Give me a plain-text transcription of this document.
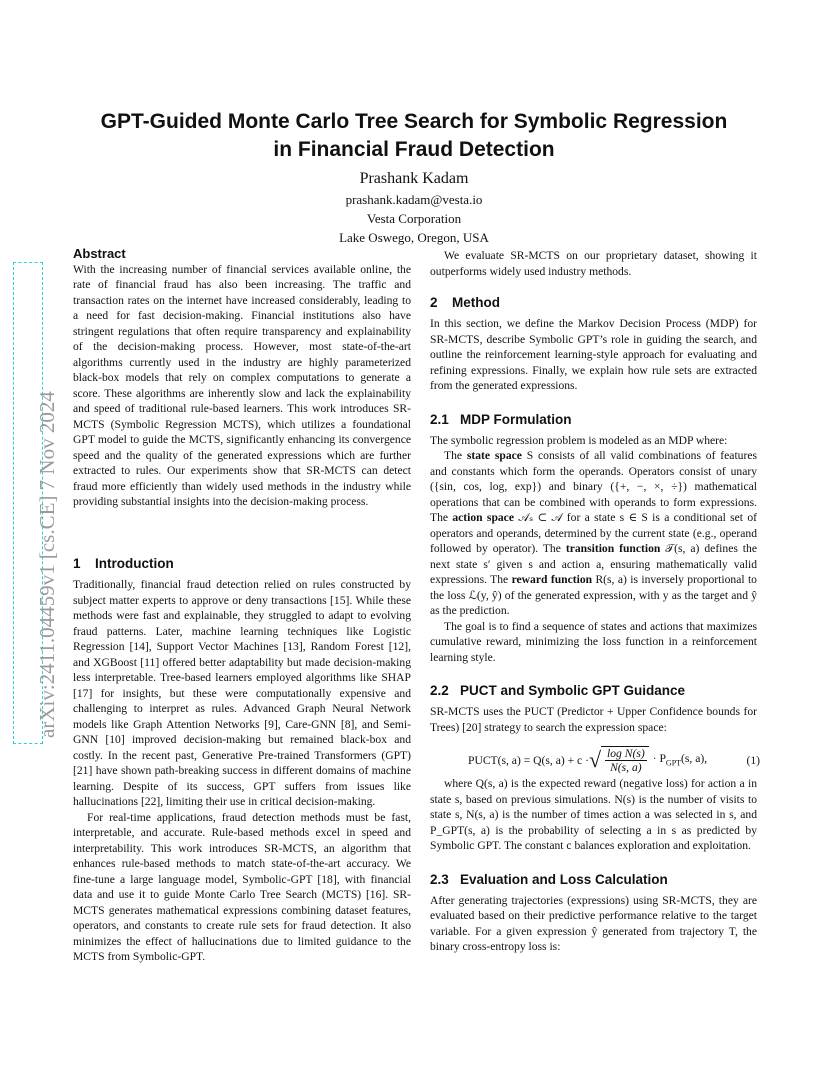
arXiv:2411.04459v1 [cs.CE] 7 Nov 2024
GPT-Guided Monte Carlo Tree Search for Symbolic Regression
in Financial Fraud Detection
Prashank Kadam
prashank.kadam@vesta.io
Vesta Corporation
Lake Oswego, Oregon, USA
Abstract

With the increasing number of financial services available online, the rate of financial fraud has also been increasing. The traffic and transaction rates on the internet have increased considerably, leading to a need for fast decision-making. Financial institutions also have stringent regulations that often require transparency and explainability of the decision-making process. However, most state-of-the-art algorithms currently used in the industry are highly parameterized black-box models that rely on complex computations to generate a score. These algorithms are inherently slow and lack the explainability and speed of traditional rule-based learners. This work introduces SR-MCTS (Symbolic Regression MCTS), which utilizes a foundational GPT model to guide the MCTS, significantly enhancing its convergence speed and the quality of the generated expressions which are further extracted to rules. Our experiments show that SR-MCTS can detect fraud more efficiently than widely used methods in the industry while providing substantial insights into the decision-making process.

1 Introduction

Traditionally, financial fraud detection relied on rules constructed by subject matter experts to approve or deny transactions [15]. While these methods were fast and explainable, they struggled to adapt to evolving fraud patterns. Later, machine learning techniques like Logistic Regression [14], Support Vector Machines [13], Random Forest [12], and XGBoost [11] offered better adaptability but made decision-making less interpretable. Tree-based learners employed algorithms like SHAP [17] for insights, but these were computationally expensive and challenging to interpret as rules. Advanced Graph Neural Network models like Graph Attention Networks [9], Care-GNN [8], and Semi-GNN [10] improved decision-making but remained black-box and costly. In the recent past, Generative Pre-trained Transformers (GPT) [21] have shown path-breaking success in different domains of machine learning. Despite of its success, GPT suffers from issues like hallucinations [22], limiting their use in critical decision-making.

For real-time applications, fraud detection methods must be fast, interpretable, and accurate. Rule-based methods excel in speed and interpretability. This work introduces SR-MCTS, an algorithm that enhances rule-based methods to match state-of-the-art accuracy. We fine-tune a large language model, Symbolic-GPT [18], with financial data and use it to guide Monte Carlo Tree Search (MCTS) [16]. SR-MCTS generates mathematical expressions combining dataset features, operators, and constants to create rule sets for fraud detection. It also minimizes the effect of hallucinations due to limited guidance to the MCTS from Symbolic-GPT.

We evaluate SR-MCTS on our proprietary dataset, showing it outperforms widely used industry methods.

2 Method

In this section, we define the Markov Decision Process (MDP) for SR-MCTS, describe Symbolic GPT’s role in guiding the search, and outline the reinforcement learning-style approach for evaluating and refining expressions. Finally, we explain how rule sets are extracted from the generated expressions.

2.1 MDP Formulation

The symbolic regression problem is modeled as an MDP where:

The state space S consists of all valid combinations of features and constants which form the operands. Operators consist of unary ({sin, cos, log, exp}) and binary ({+, −, ×, ÷}) mathematical operations that can be combined with operands to form expressions. The action space 𝒜ₛ ⊂ 𝒜 for a state s ∈ S is a conditional set of operators and operands, determined by the current state (e.g., operand followed by operator). The transition function 𝒯(s, a) defines the next state s′ given s and action a, ensuring mathematically valid expressions. The reward function R(s, a) is inversely proportional to the loss ℒ(y, ŷ) of the generated expression, with y as the target and ŷ as the prediction.

The goal is to find a sequence of states and actions that maximizes cumulative reward, minimizing the loss function in a reinforcement learning style.

2.2 PUCT and Symbolic GPT Guidance

SR-MCTS uses the PUCT (Predictor + Upper Confidence bounds for Trees) [20] strategy to search the expression space:

PUCT(s, a) = Q(s, a) + c · √ $\frac{\text{log N(s)}}{N(s, a)} \cdot P_{GPT}(s$, a),	(1)

where Q(s, a) is the expected reward (negative loss) for action a in state s, based on previous simulations. N(s) is the number of visits to state s, N(s, a) is the number of times action a was selected in s, and P_GPT(s, a) is the probability of selecting a in s as predicted by Symbolic GPT. The constant c balances exploration and exploitation.

2.3 Evaluation and Loss Calculation

After generating trajectories (expressions) using SR-MCTS, they are evaluated based on their predictive performance relative to the target variable. For a given expression ŷ generated from trajectory T, the binary cross-entropy loss is:
